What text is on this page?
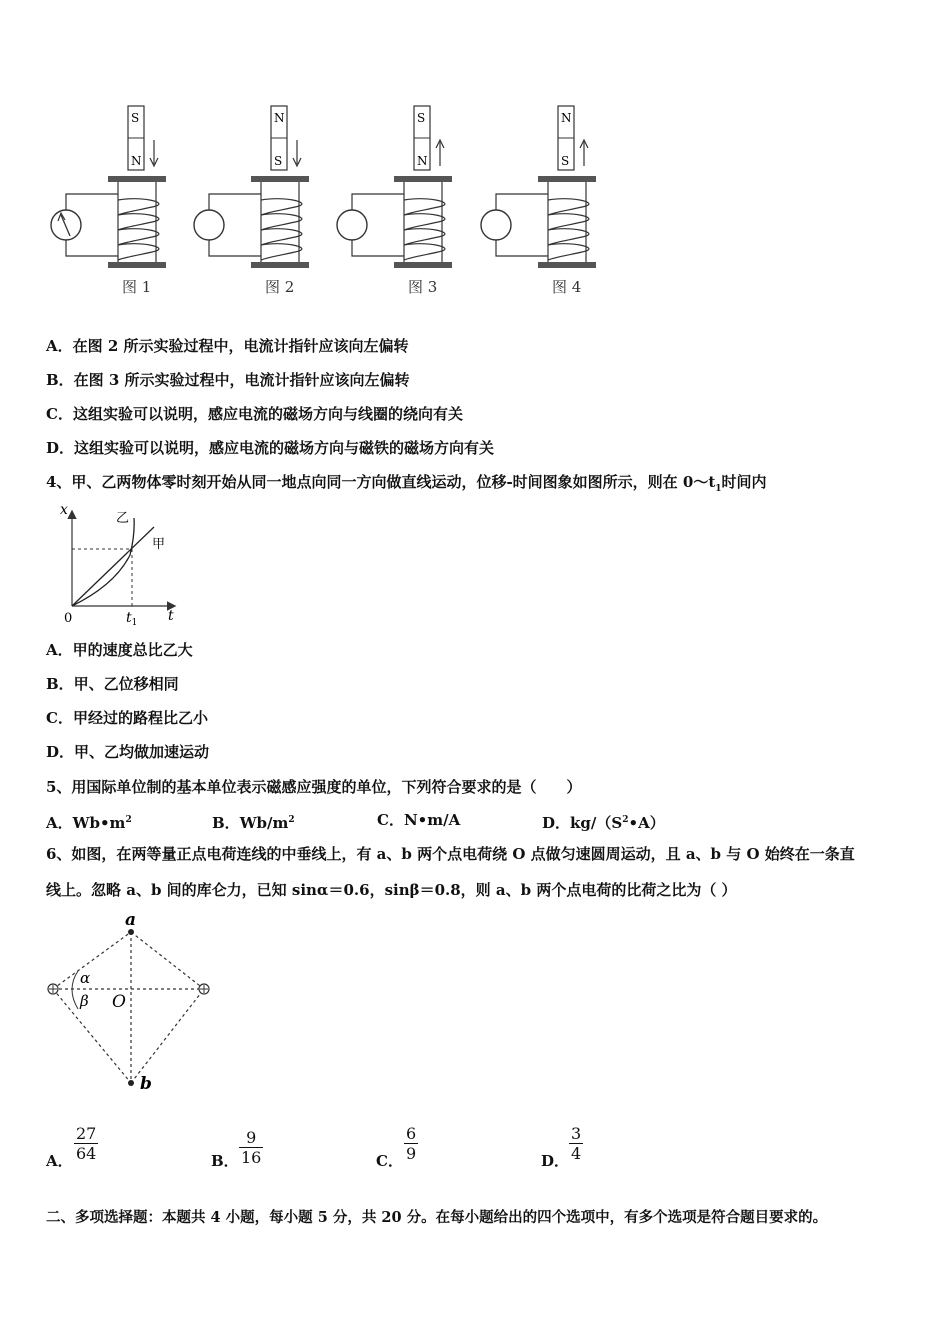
S
N
图 1
N
S
图 2
S
N
图 3
N
S
图 4
A．在图 2 所示实验过程中，电流计指针应该向左偏转
B．在图 3 所示实验过程中，电流计指针应该向左偏转
C．这组实验可以说明，感应电流的磁场方向与线圈的绕向有关
D．这组实验可以说明，感应电流的磁场方向与磁铁的磁场方向有关
4、甲、乙两物体零时刻开始从同一地点向同一方向做直线运动，位移-时间图象如图所示，则在 $0\sim t_1$时间内
x
t
0	$t_1$
乙
甲
A．甲的速度总比乙大
B．甲、乙位移相同
C．甲经过的路程比乙小
D．甲、乙均做加速运动
5、用国际单位制的基本单位表示磁感应强度的单位，下列符合要求的是（　　）
A．$Wb•m^2$	B．$Wb/m^2$	C．N•m/A	D．$kg/(S^2•A)$
6、如图，在两等量正点电荷连线的中垂线上，有 a、b 两个点电荷绕 O 点做匀速圆周运动，且 a、b 与 O 始终在一条直
线上。忽略 a、b 间的库仑力，已知 sinα＝0.6，sinβ＝0.8，则 a、b 两个点电荷的比荷之比为（ ）
a
b
O
α
β
A． $\frac{27}{64}$	B． $\frac{9}{16}$	C． $\frac{6}{9}$	D． $\frac{3}{4}$
二、多项选择题：本题共 4 小题，每小题 5 分，共 20 分。在每小题给出的四个选项中，有多个选项是符合题目要求的。
